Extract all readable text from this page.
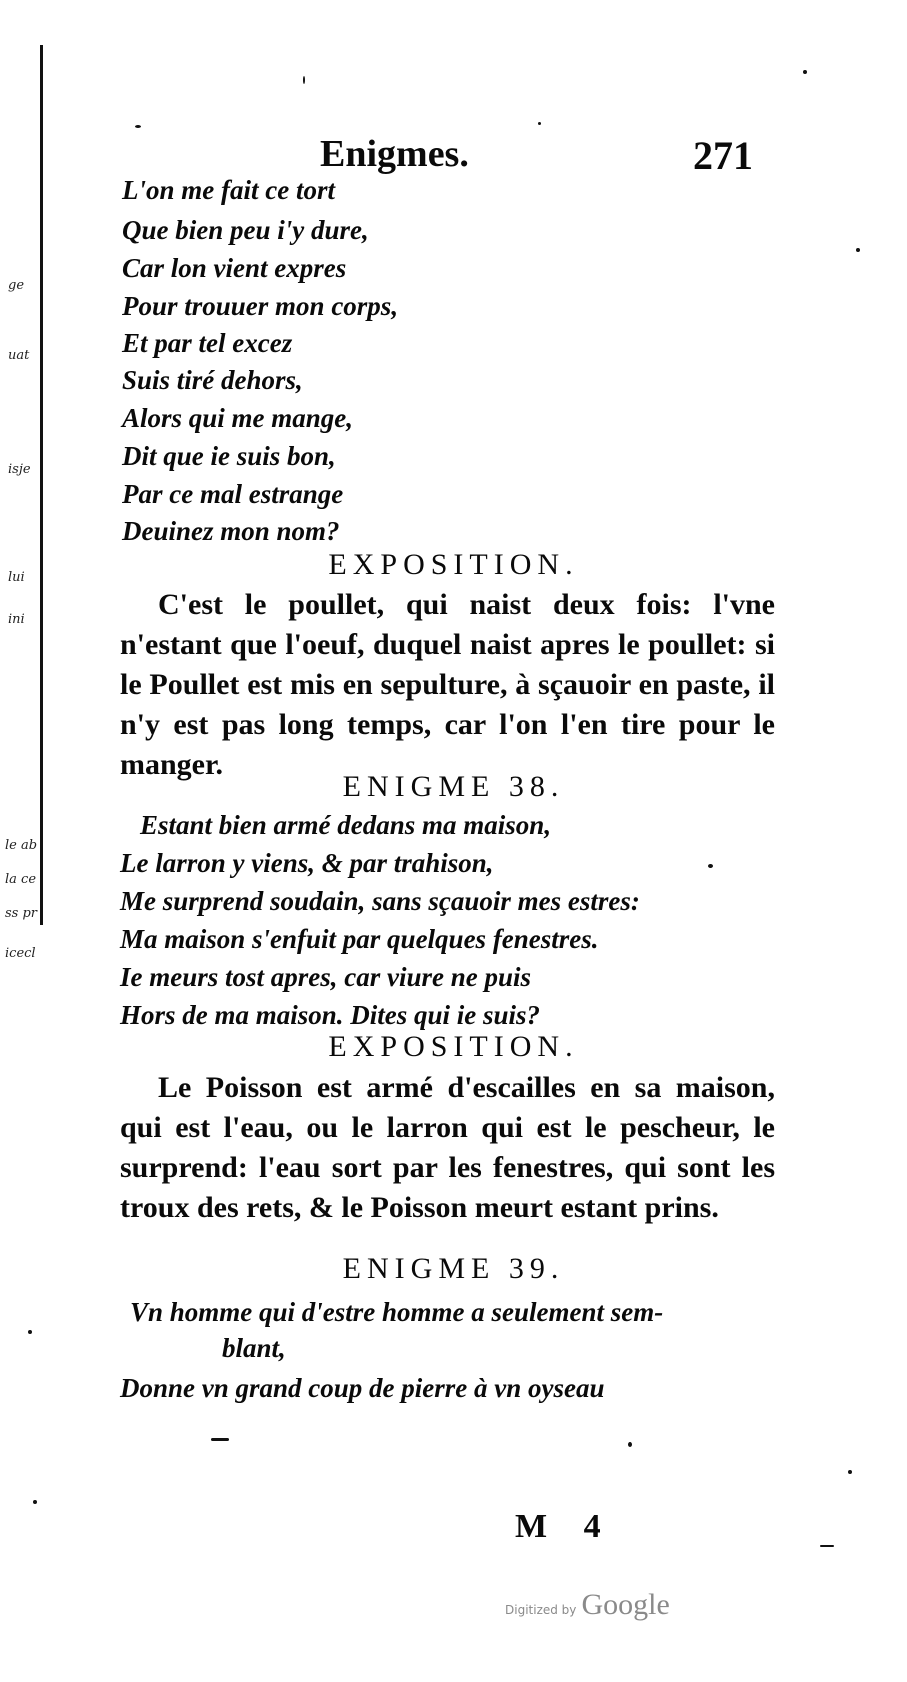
ge
uat
isje
lui
ini
le ab
la ce
ss pr
icecl
Enigmes.	271
L'on me fait ce tort
Que bien peu i'y dure,
Car lon vient expres
Pour trouuer mon corps,
Et par tel excez
Suis tiré dehors,
Alors qui me mange,
Dit que ie suis bon,
Par ce mal estrange
Deuinez mon nom?
EXPOSITION.

C'est le poullet, qui naist deux fois: l'vne n'estant que l'oeuf, duquel naist apres le poullet: si le Poullet est mis en sepulture, à sçauoir en paste, il n'y est pas long temps, car l'on l'en tire pour le manger.

ENIGME 38.
Estant bien armé dedans ma maison,
Le larron y viens, & par trahison,
Me surprend soudain, sans sçauoir mes estres:
Ma maison s'enfuit par quelques fenestres.
Ie meurs tost apres, car viure ne puis
Hors de ma maison. Dites qui ie suis?
EXPOSITION.

Le Poisson est armé d'escailles en sa maison, qui est l'eau, ou le larron qui est le pescheur, le surprend: l'eau sort par les fenestres, qui sont les troux des rets, & le Poisson meurt estant prins.

ENIGME 39.
Vn homme qui d'estre homme a seulement sem-
blant,
Donne vn grand coup de pierre à vn oyseau
M 4
Digitized by Google
